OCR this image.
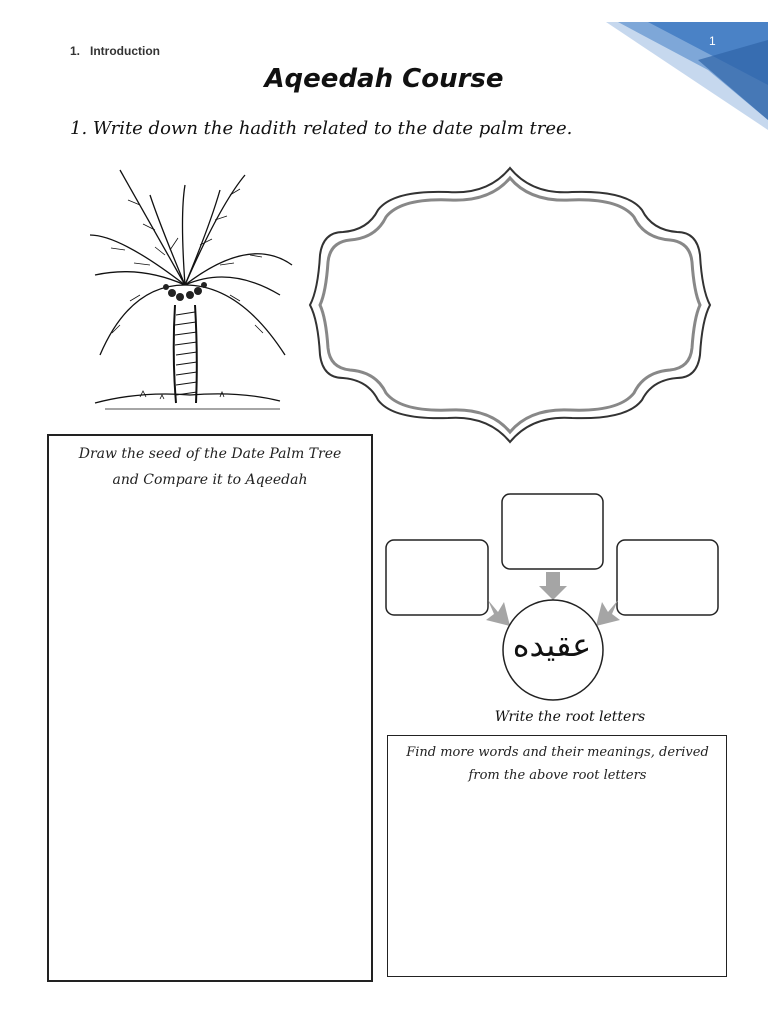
1.   Introduction
1
Aqeedah Course
1. Write down the hadith related to the date palm tree.
Draw the seed of the Date Palm Tree
and Compare it to Aqeedah
عقيده
Write the root letters
Find more words and their meanings, derived
from the above root letters
